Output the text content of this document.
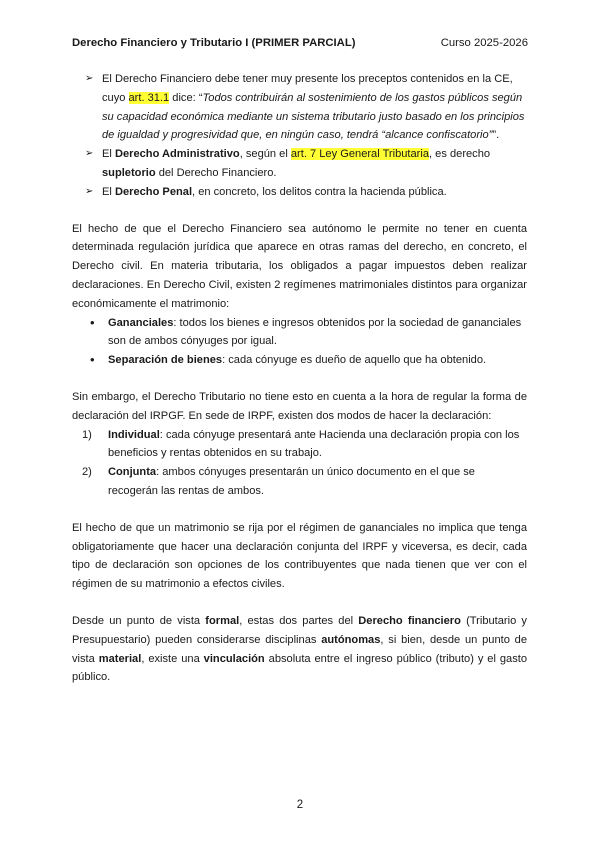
Derecho Financiero y Tributario I (PRIMER PARCIAL)	Curso 2025-2026
➢ El Derecho Financiero debe tener muy presente los preceptos contenidos en la CE, cuyo art. 31.1 dice: “Todos contribuirán al sostenimiento de los gastos públicos según su capacidad económica mediante un sistema tributario justo basado en los principios de igualdad y progresividad que, en ningún caso, tendrá “alcance confiscatorio””.
➢ El Derecho Administrativo, según el art. 7 Ley General Tributaria, es derecho supletorio del Derecho Financiero.
➢ El Derecho Penal, en concreto, los delitos contra la hacienda pública.

El hecho de que el Derecho Financiero sea autónomo le permite no tener en cuenta determinada regulación jurídica que aparece en otras ramas del derecho, en concreto, el Derecho civil. En materia tributaria, los obligados a pagar impuestos deben realizar declaraciones. En Derecho Civil, existen 2 regímenes matrimoniales distintos para organizar económicamente el matrimonio:

• Gananciales: todos los bienes e ingresos obtenidos por la sociedad de gananciales son de ambos cónyuges por igual.
• Separación de bienes: cada cónyuge es dueño de aquello que ha obtenido.

Sin embargo, el Derecho Tributario no tiene esto en cuenta a la hora de regular la forma de declaración del IRPGF. En sede de IRPF, existen dos modos de hacer la declaración:

1) Individual: cada cónyuge presentará ante Hacienda una declaración propia con los beneficios y rentas obtenidos en su trabajo.
2) Conjunta: ambos cónyuges presentarán un único documento en el que se recogerán las rentas de ambos.

El hecho de que un matrimonio se rija por el régimen de gananciales no implica que tenga obligatoriamente que hacer una declaración conjunta del IRPF y viceversa, es decir, cada tipo de declaración son opciones de los contribuyentes que nada tienen que ver con el régimen de su matrimonio a efectos civiles.

Desde un punto de vista formal, estas dos partes del Derecho financiero (Tributario y Presupuestario) pueden considerarse disciplinas autónomas, si bien, desde un punto de vista material, existe una vinculación absoluta entre el ingreso público (tributo) y el gasto público.

2
